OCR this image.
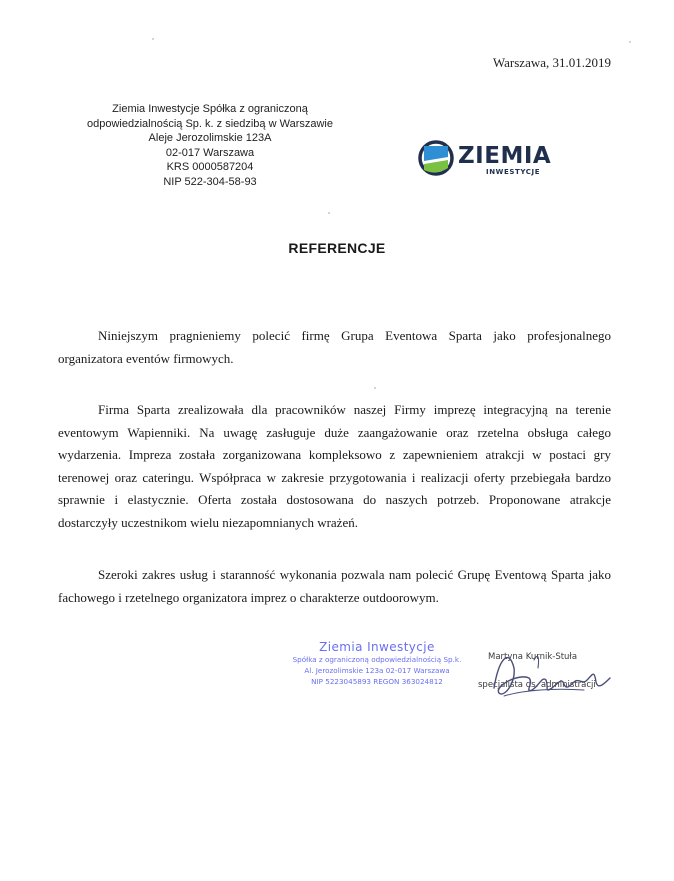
Warszawa, 31.01.2019
Ziemia Inwestycje Spółka z ograniczoną
odpowiedzialnością Sp. k. z siedzibą w Warszawie
Aleje Jerozolimskie 123A
02-017 Warszawa
KRS 0000587204
NIP 522-304-58-93
ZIEMIA
INWESTYCJE
REFERENCJE

Niniejszym pragnieniemy polecić firmę Grupa Eventowa Sparta jako profesjonalnego organizatora eventów firmowych.

Firma Sparta zrealizowała dla pracowników naszej Firmy imprezę integracyjną na terenie eventowym Wapienniki. Na uwagę zasługuje duże zaangażowanie oraz rzetelna obsługa całego wydarzenia. Impreza została zorganizowana kompleksowo z zapewnieniem atrakcji w postaci gry terenowej oraz cateringu. Współpraca w zakresie przygotowania i realizacji oferty przebiegała bardzo sprawnie i elastycznie. Oferta została dostosowana do naszych potrzeb. Proponowane atrakcje dostarczyły uczestnikom wielu niezapomnianych wrażeń.

Szeroki zakres usług i staranność wykonania pozwala nam polecić Grupę Eventową Sparta jako fachowego i rzetelnego organizatora imprez o charakterze outdoorowym.

Ziemia Inwestycje
Spółka z ograniczoną odpowiedzialnością Sp.k.
Al. Jerozolimskie 123a 02-017 Warszawa
NIP 5223045893 REGON 363024812
Martyna Kurnik-Stuła
specjalista ds. administracji
